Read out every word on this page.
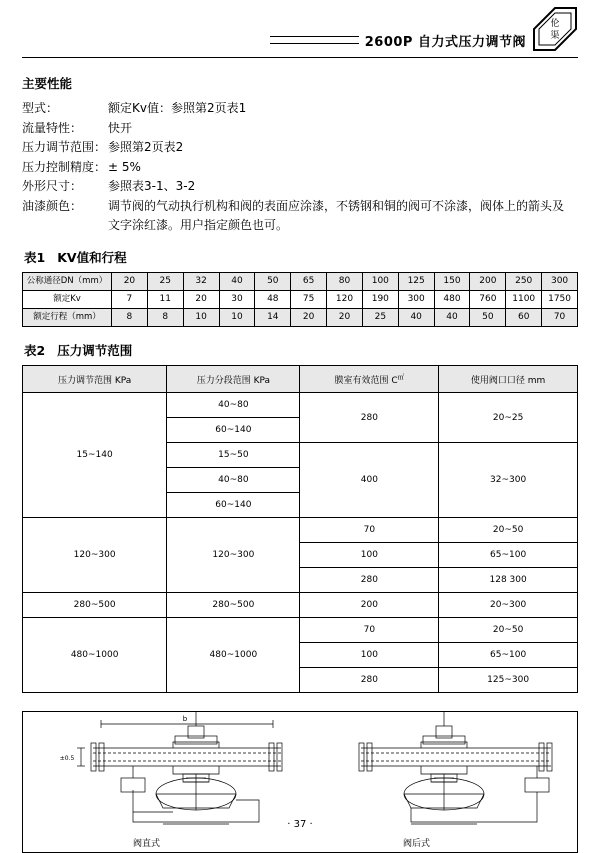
2600P 自力式压力调节阀
伦
渠
主要性能
型式：	额定Kv值：参照第2页表1
流量特性：	快开
压力调节范围： 参照第2页表2
压力控制精度： ± 5%
外形尺寸：	参照表3-1、3-2
油漆颜色：	调节阀的气动执行机构和阀的表面应涂漆，不锈钢和铜的阀可不涂漆，阀体上的箭头及
文字涂红漆。用户指定颜色也可。
表1 KV值和行程
公称通径DN（mm）	20	25	32	40	50	65	80	100	125	150	200	250	300
额定Kv	7	11	20	30	48	75	120	190	300	480	760	1100	1750
额定行程（mm）	8	8	10	10	14	20	20	25	40	40	50	60	70
表2 压力调节范围
压力调节范围 KPa	压力分段范围 KPa	膜室有效范围 C㎡	使用阀口口径 mm
15~140	40~80	280	20~25
	60~140		
	15~50	400	32~300
	40~80		
	60~140		
120~300	120~300	70	20~50
		100	65~100
		280	128 300
280~500	280~500	200	20~300
480~1000	480~1000	70	20~50
		100	65~100
		280	125~300
b
±0.5
阀直式	阀后式
· 37 ·
